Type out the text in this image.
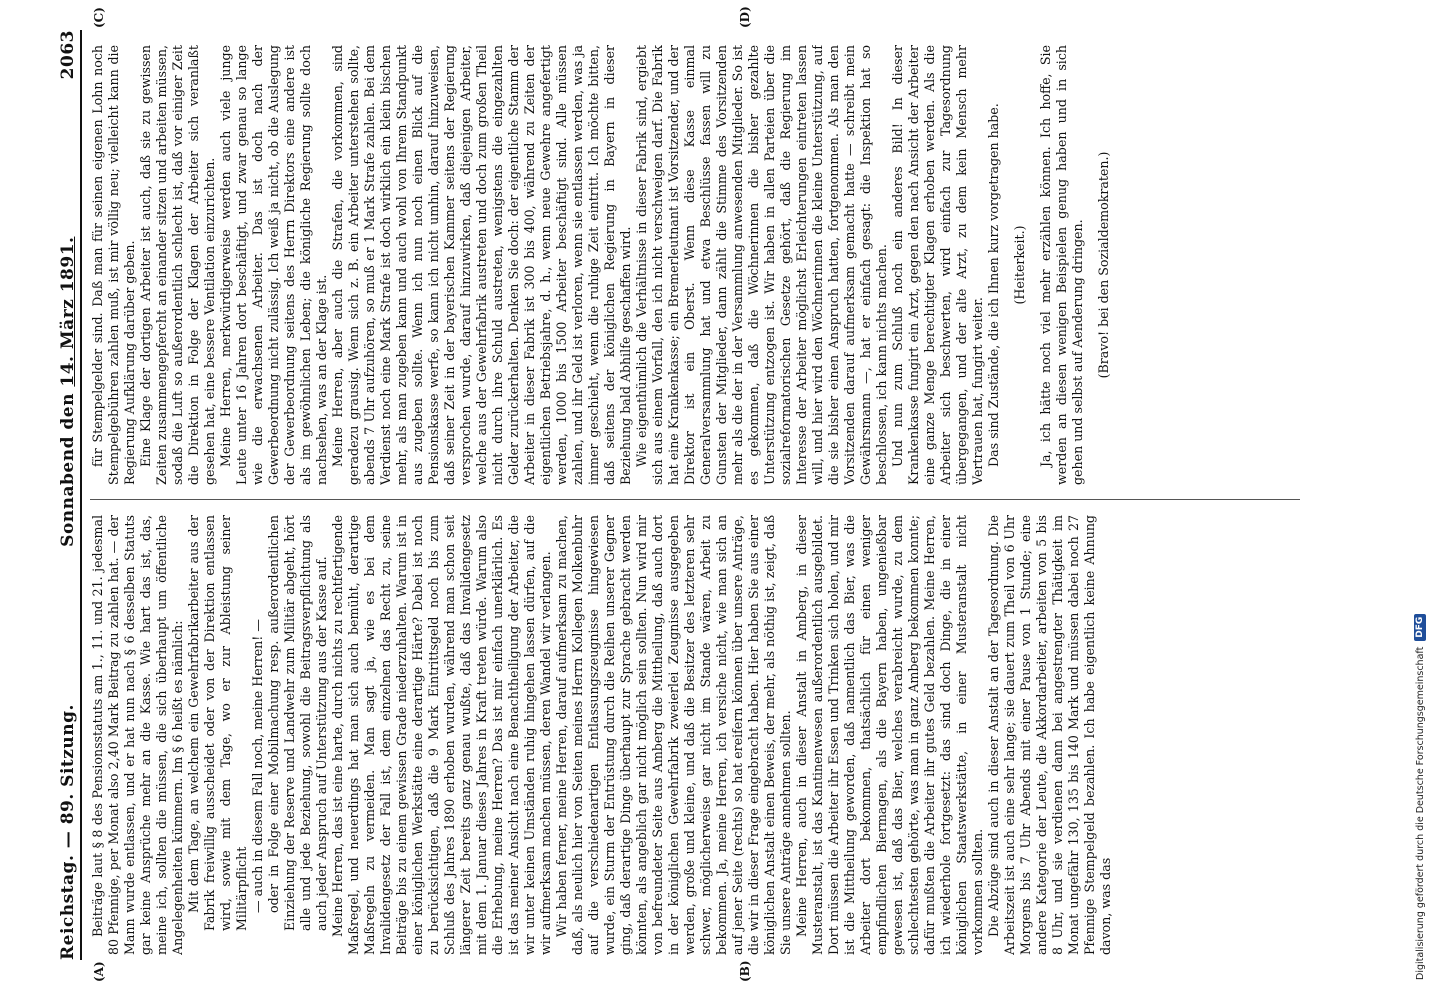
Reichstag. — 89. Sitzung.
Sonnabend den 14. März 1891.
2063
(A)	(B)
(C)	(D)

Beiträge laut § 8 des Pensionsstatuts am 1., 11. und 21. jedesmal 80 Pfennige, per Monat also 2,40 Mark Beitrag zu zahlen hat. — der Mann wurde entlassen, und er hat nun nach § 6 desselben Statuts gar keine Ansprüche mehr an die Kasse. Wie hart das ist, das, meine ich, sollten die müssen, die sich überhaupt um öffentliche Angelegenheiten kümmern. Im § 6 heißt es nämlich: Mit dem Tage, an welchem ein Gewehrfabrikarbeiter aus der Fabrik freiwillig ausscheidet oder von der Direktion entlassen wird, sowie mit dem Tage, wo er zur Ableistung seiner Militärpflicht — auch in diesem Fall noch, meine Herren! — oder in Folge einer Mobilmachung resp. außerordentlichen Einziehung der Reserve und Landwehr zum Militär abgeht, hört alle und jede Beziehung, sowohl die Beitragsverpflichtung als auch jeder Anspruch auf Unterstützung aus der Kasse auf. Meine Herren, das ist eine harte, durch nichts zu rechtfertigende Maßregel, und neuerdings hat man sich auch bemüht, derartige Maßregeln zu vermeiden. Man sagt ja, wie es bei dem Invalidengesetz der Fall ist, dem einzelnen das Recht zu, seine Beiträge bis zu einem gewissen Grade niederzuhalten. Warum ist in einer königlichen Werkstätte eine derartige Härte? Dabei ist noch zu berücksichtigen, daß die 9 Mark Eintrittsgeld noch bis zum Schluß des Jahres 1890 erhoben wurden, während man schon seit längerer Zeit bereits ganz genau wußte, daß das Invalidengesetz mit dem 1. Januar dieses Jahres in Kraft treten würde. Warum also die Erhebung, meine Herren? Das ist mir einfach unerklärlich. Es ist das meiner Ansicht nach eine Benachtheiligung der Arbeiter, die wir unter keinen Umständen ruhig hingehen lassen dürfen, auf die wir aufmerksam machen müssen, deren Wandel wir verlangen. Wir haben ferner, meine Herren, darauf aufmerksam zu machen, daß, als neulich hier von Seiten meines Herrn Kollegen Molkenbuhr auf die verschiedenartigen Entlassungszeugnisse hingewiesen wurde, ein Sturm der Entrüstung durch die Reihen unserer Gegner ging, daß derartige Dinge überhaupt zur Sprache gebracht werden könnten, als angeblich gar nicht möglich sein sollten. Nun wird mir von befreundeter Seite aus Amberg die Mittheilung, daß auch dort in der königlichen Gewehrfabrik zweierlei Zeugnisse ausgegeben werden, große und kleine, und daß die Besitzer des letzteren sehr schwer, möglicherweise gar nicht im Stande wären, Arbeit zu bekommen. Ja, meine Herren, ich versiche nicht, wie man sich an auf jener Seite (rechts) so hat ereifern können über unsere Anträge, die wir in dieser Frage eingebracht haben. Hier haben Sie aus einer königlichen Anstalt einen Beweis, der mehr, als nöthig ist, zeigt, daß Sie unsere Anträge annehmen sollten. Meine Herren, auch in dieser Anstalt in Amberg, in dieser Musteranstalt, ist das Kantinenwesen außerordentlich ausgebildet. Dort müssen die Arbeiter ihr Essen und Trinken sich holen, und mir ist die Mittheilung geworden, daß namentlich das Bier, was die Arbeiter dort bekommen, thatsächlich für einen weniger empfindlichen Biermagen, als die Bayern haben, ungenießbar gewesen ist, daß das Bier, welches verabreicht wurde, zu dem schlechtesten gehörte, was man in ganz Amberg bekommen konnte; dafür mußten die Arbeiter ihr gutes Geld bezahlen. Meine Herren, ich wiederhole fortgesetzt: das sind doch Dinge, die in einer königlichen Staatswerkstätte, in einer Musteranstalt nicht vorkommen sollten. Die Abzüge sind auch in dieser Anstalt an der Tagesordnung. Die Arbeitszeit ist auch eine sehr lange; sie dauert zum Theil von 6 Uhr Morgens bis 7 Uhr Abends mit einer Pause von 1 Stunde; eine andere Kategorie der Leute, die Akkordarbeiter, arbeiten von 5 bis 8 Uhr, und sie verdienen dann bei angestrengter Thätigkeit im Monat ungefähr 130, 135 bis 140 Mark und müssen dabei noch 27 Pfennige Stempelgeld bezahlen. Ich habe eigentlich keine Ahnung davon, was das

für Stempelgelder sind. Daß man für seinen eigenen Lohn noch Stempelgebühren zahlen muß, ist mir völlig neu; vielleicht kann die Regierung Aufklärung darüber geben. Eine Klage der dortigen Arbeiter ist auch, daß sie zu gewissen Zeiten zusammengepfercht an einander sitzen und arbeiten müssen, sodaß die Luft so außerordentlich schlecht ist, daß vor einiger Zeit die Direktion in Folge der Klagen der Arbeiter sich veranlaßt gesehen hat, eine bessere Ventilation einzurichten. Meine Herren, merkwürdigerweise werden auch viele junge Leute unter 16 Jahren dort beschäftigt, und zwar genau so lange wie die erwachsenen Arbeiter. Das ist doch nach der Gewerbeordnung nicht zulässig. Ich weiß ja nicht, ob die Auslegung der Gewerbeordnung seitens des Herrn Direktors eine andere ist als im gewöhnlichen Leben; die königliche Regierung sollte doch nachsehen, was an der Klage ist. Meine Herren, aber auch die Strafen, die vorkommen, sind geradezu grausig. Wenn sich z. B. ein Arbeiter unterstehen sollte, abends 7 Uhr aufzuhören, so muß er 1 Mark Strafe zahlen. Bei dem Verdienst noch eine Mark Strafe ist doch wirklich ein klein bischen mehr, als man zugeben kann und auch wohl von Ihrem Standpunkt aus zugeben sollte. Wenn ich nun noch einen Blick auf die Pensionskasse werfe, so kann ich nicht umhin, darauf hinzuweisen, daß seiner Zeit in der bayerischen Kammer seitens der Regierung versprochen wurde, darauf hinzuwirken, daß diejenigen Arbeiter, welche aus der Gewehrfabrik austreten und doch zum großen Theil nicht durch ihre Schuld austreten, wenigstens die eingezahlten Gelder zurückerhalten. Denken Sie doch: der eigentliche Stamm der Arbeiter in dieser Fabrik ist 300 bis 400, während zu Zeiten der eigentlichen Betriebsjahre, d. h., wenn neue Gewehre angefertigt werden, 1000 bis 1500 Arbeiter beschäftigt sind. Alle müssen zahlen, und ihr Geld ist verloren, wenn sie entlassen werden, was ja immer geschieht, wenn die ruhige Zeit eintritt. Ich möchte bitten, daß seitens der königlichen Regierung in Bayern in dieser Beziehung bald Abhilfe geschaffen wird. Wie eigenthümlich die Verhältnisse in dieser Fabrik sind, ergiebt sich aus einem Vorfall, den ich nicht verschweigen darf. Die Fabrik hat eine Krankenkasse; ein Bremerleutnant ist Vorsitzender, und der Direktor ist ein Oberst. Wenn diese Kasse einmal Generalversammlung hat und etwa Beschlüsse fassen will zu Gunsten der Mitglieder, dann zählt die Stimme des Vorsitzenden mehr als die der in der Versammlung anwesenden Mitglieder. So ist es gekommen, daß die Wöchnerinnen die bisher gezahlte Unterstützung entzogen ist. Wir haben in allen Parteien über die sozialreformatorischen Gesetze gehört, daß die Regierung im Interesse der Arbeiter möglichst Erleichterungen eintreten lassen will, und hier wird den Wöchnerinnen die kleine Unterstützung, auf die sie bisher einen Anspruch hatten, fortgenommen. Als man den Vorsitzenden darauf aufmerksam gemacht hatte — schreibt mein Gewährsmann —, hat er einfach gesagt: die Inspektion hat so beschlossen, ich kann nichts machen. Und nun zum Schluß noch ein anderes Bild! In dieser Krankenkasse fungirt ein Arzt, gegen den nach Ansicht der Arbeiter eine ganze Menge berechtigter Klagen erhoben werden. Als die Arbeiter sich beschwerten, wird einfach zur Tagesordnung übergegangen, und der alte Arzt, zu dem kein Mensch mehr Vertrauen hat, fungirt weiter. Das sind Zustände, die ich Ihnen kurz vorgetragen habe. (Heiterkeit.) Ja, ich hätte noch viel mehr erzählen können. Ich hoffe, Sie werden an diesen wenigen Beispielen genug haben und in sich gehen und selbst auf Aenderung dringen. (Bravo! bei den Sozialdemokraten.)

Digitalisierung gefördert durch die Deutsche Forschungsgemeinschaft
DFG
